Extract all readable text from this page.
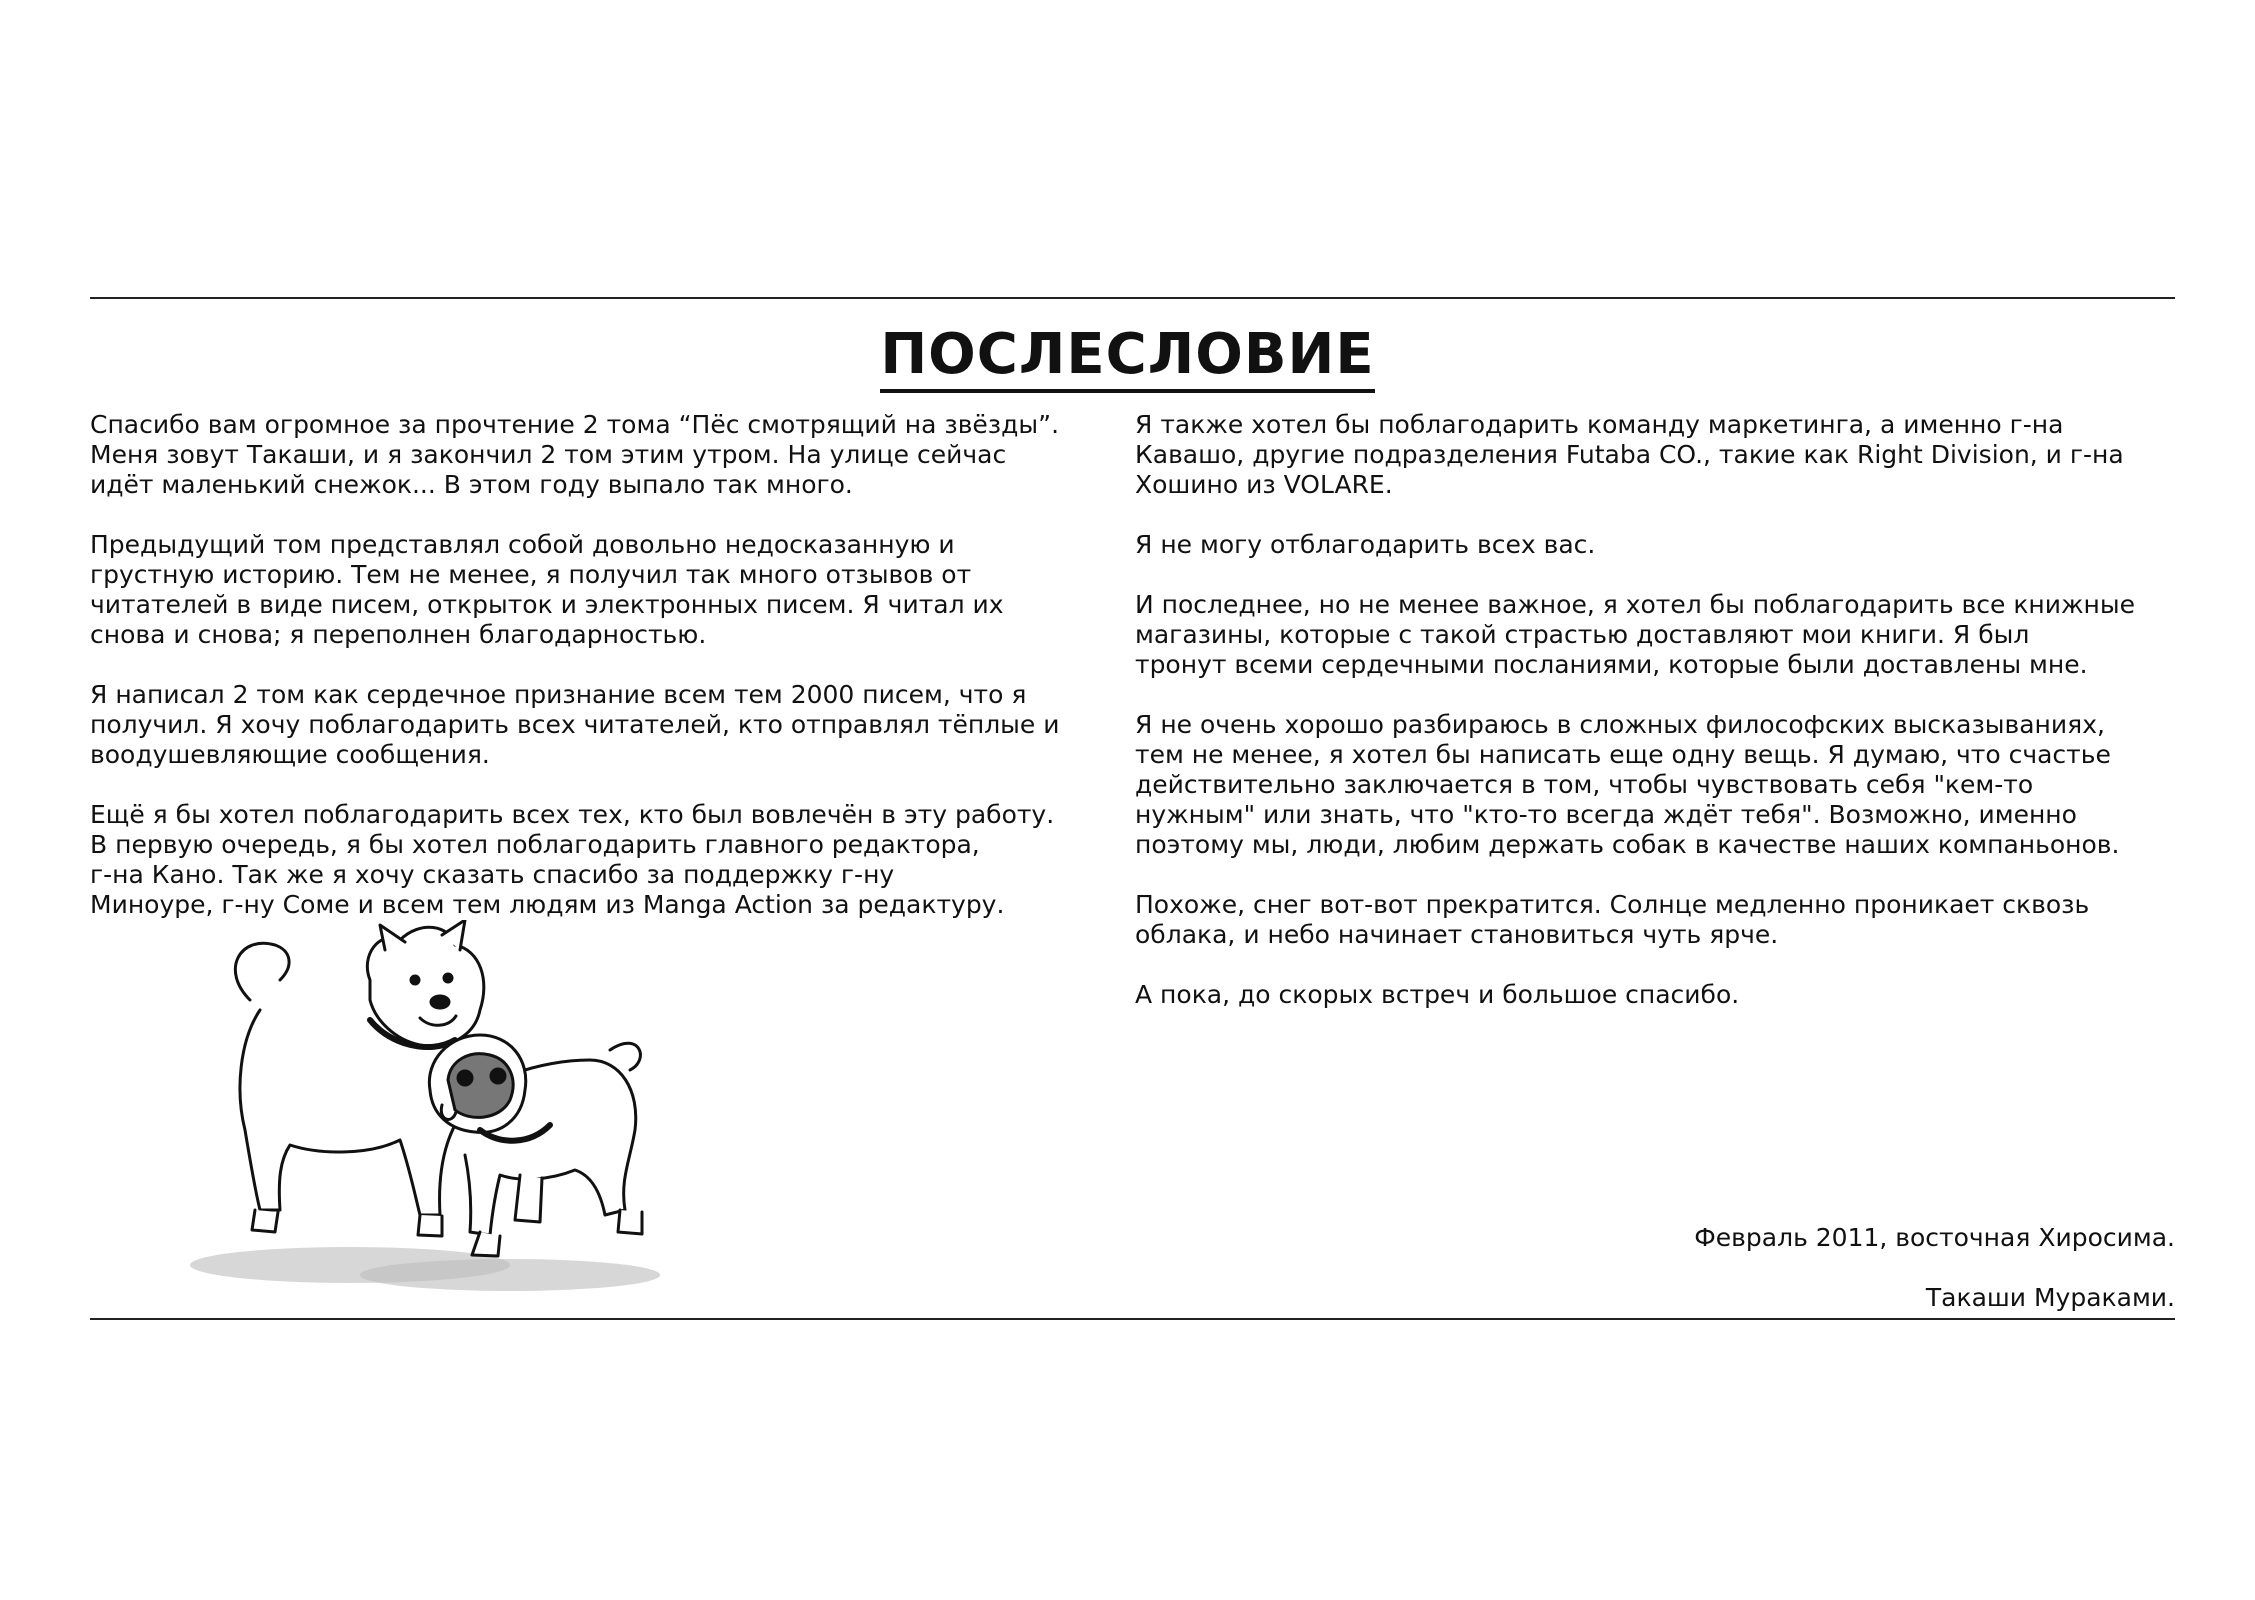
ПОСЛЕСЛОВИЕ

Спасибо вам огромное за прочтение 2 тома “Пёс смотрящий на звёзды”.
Меня зовут Такаши, и я закончил 2 том этим утром. На улице сейчас
идёт маленький снежок... В этом году выпало так много.

Предыдущий том представлял собой довольно недосказанную и
грустную историю. Тем не менее, я получил так много отзывов от
читателей в виде писем, открыток и электронных писем. Я читал их
снова и снова; я переполнен благодарностью.

Я написал 2 том как сердечное признание всем тем 2000 писем, что я
получил. Я хочу поблагодарить всех читателей, кто отправлял тёплые и
воодушевляющие сообщения.

Ещё я бы хотел поблагодарить всех тех, кто был вовлечён в эту работу.
В первую очередь, я бы хотел поблагодарить главного редактора,
г-на Кано. Так же я хочу сказать спасибо за поддержку г-ну
Миноуре, г-ну Соме и всем тем людям из Manga Action за редактуру.

Я также хотел бы поблагодарить команду маркетинга, а именно г-на
Кавашо, другие подразделения Futaba CO., такие как Right Division, и г-на
Хошино из VOLARE.

Я не могу отблагодарить всех вас.

И последнее, но не менее важное, я хотел бы поблагодарить все книжные
магазины, которые с такой страстью доставляют мои книги. Я был
тронут всеми сердечными посланиями, которые были доставлены мне.

Я не очень хорошо разбираюсь в сложных философских высказываниях,
тем не менее, я хотел бы написать еще одну вещь. Я думаю, что счастье
действительно заключается в том, чтобы чувствовать себя "кем-то
нужным" или знать, что "кто-то всегда ждёт тебя". Возможно, именно
поэтому мы, люди, любим держать собак в качестве наших компаньонов.

Похоже, снег вот-вот прекратится. Солнце медленно проникает сквозь
облака, и небо начинает становиться чуть ярче.

А пока, до скорых встреч и большое спасибо.

Февраль 2011, восточная Хиросима.
Такаши Мураками.
